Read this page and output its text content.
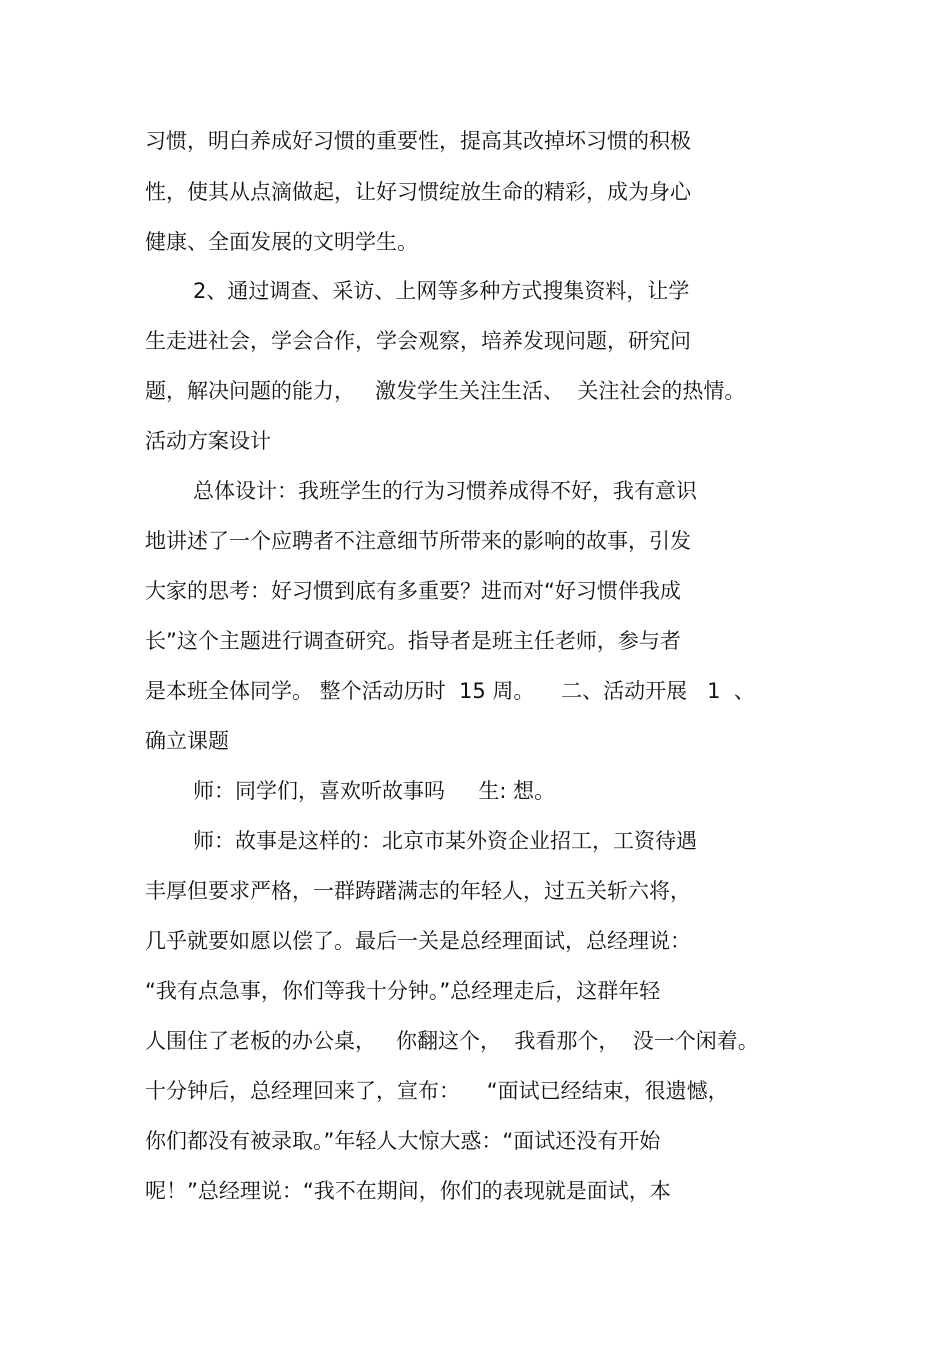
习惯，明白养成好习惯的重要性，提高其改掉坏习惯的积极
性，使其从点滴做起，让好习惯绽放生命的精彩，成为身心
健康、全面发展的文明学生。
2、通过调查、采访、上网等多种方式搜集资料，让学
生走进社会，学会合作，学会观察，培养发现问题，研究问
题，解决问题的能力，   激发学生关注生活、  关注社会的热情。
活动方案设计
总体设计：我班学生的行为习惯养成得不好，我有意识
地讲述了一个应聘者不注意细节所带来的影响的故事，引发
大家的思考：好习惯到底有多重要？进而对“好习惯伴我成
长”这个主题进行调查研究。指导者是班主任老师，参与者
是本班全体同学。 整个活动历时  15 周。    二、活动开展   1  、
确立课题
师：同学们，喜欢听故事吗     生: 想。
师：故事是这样的：北京市某外资企业招工，工资待遇
丰厚但要求严格，一群踌躇满志的年轻人，过五关斩六将，
几乎就要如愿以偿了。最后一关是总经理面试，总经理说：
“我有点急事，你们等我十分钟。”总经理走后，这群年轻
人围住了老板的办公桌，   你翻这个，  我看那个，  没一个闲着。
十分钟后，总经理回来了，宣布：    “面试已经结束，很遗憾，
你们都没有被录取。”年轻人大惊大惑：“面试还没有开始
呢！”总经理说：“我不在期间，你们的表现就是面试，本
